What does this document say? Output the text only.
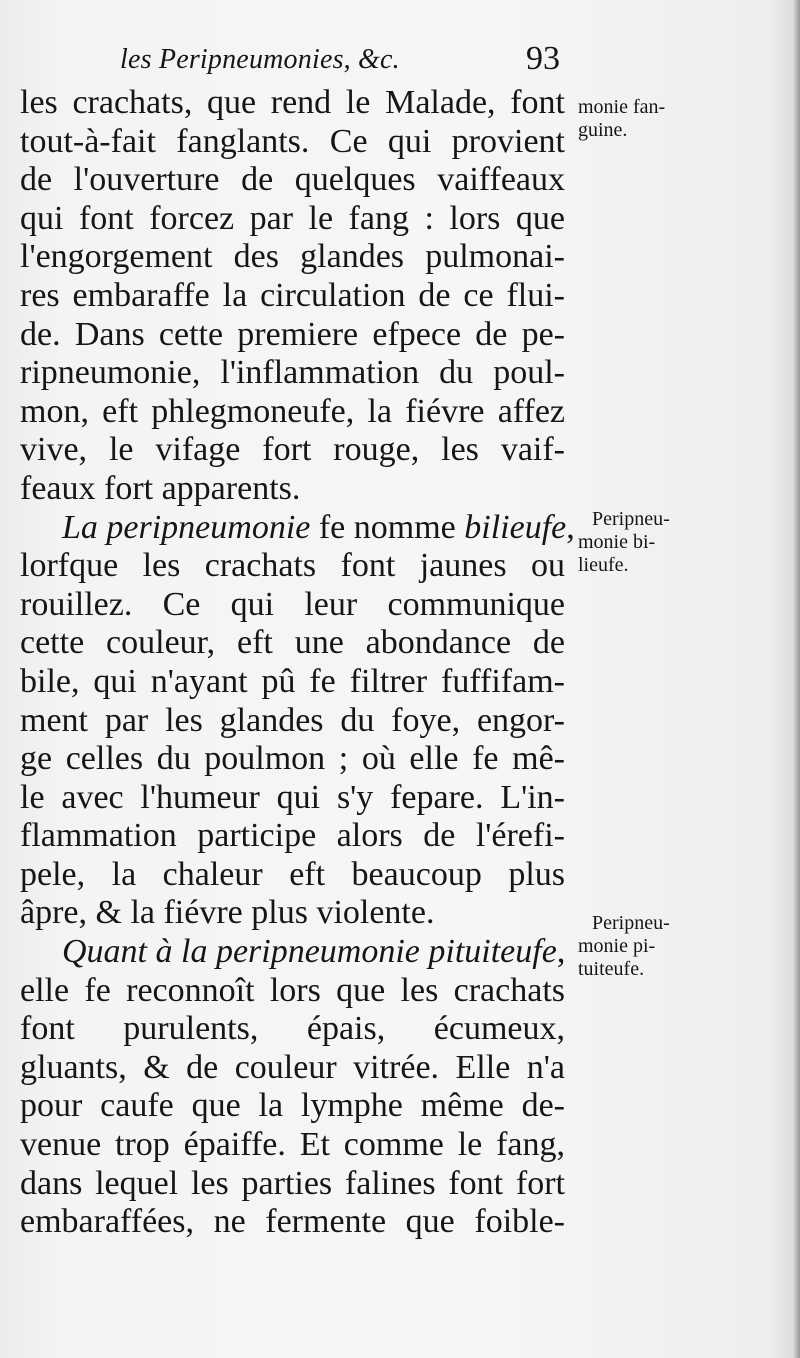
les Peripneumonies, &c.	93
les crachats, que rend le Malade, font
tout-à-fait fanglants. Ce qui provient
de l'ouverture de quelques vaiffeaux
qui font forcez par le fang : lors que
l'engorgement des glandes pulmonai-
res embaraffe la circulation de ce flui-
de. Dans cette premiere efpece de pe-
ripneumonie, l'inflammation du poul-
mon, eft phlegmoneufe, la fiévre affez
vive, le vifage fort rouge, les vaif-
feaux fort apparents.
La peripneumonie fe nomme bilieufe,
lorfque les crachats font jaunes ou
rouillez. Ce qui leur communique
cette couleur, eft une abondance de
bile, qui n'ayant pû fe filtrer fuffifam-
ment par les glandes du foye, engor-
ge celles du poulmon ; où elle fe mê-
le avec l'humeur qui s'y fepare. L'in-
flammation participe alors de l'érefi-
pele, la chaleur eft beaucoup plus
âpre, & la fiévre plus violente.
Quant à la peripneumonie pituiteufe,
elle fe reconnoît lors que les crachats
font purulents, épais, écumeux,
gluants, & de couleur vitrée. Elle n'a
pour caufe que la lymphe même de-
venue trop épaiffe. Et comme le fang,
dans lequel les parties falines font fort
embaraffées, ne fermente que foible-
monie fan-
guine.
Peripneu-
monie bi-
lieufe.
Peripneu-
monie pi-
tuiteufe.
